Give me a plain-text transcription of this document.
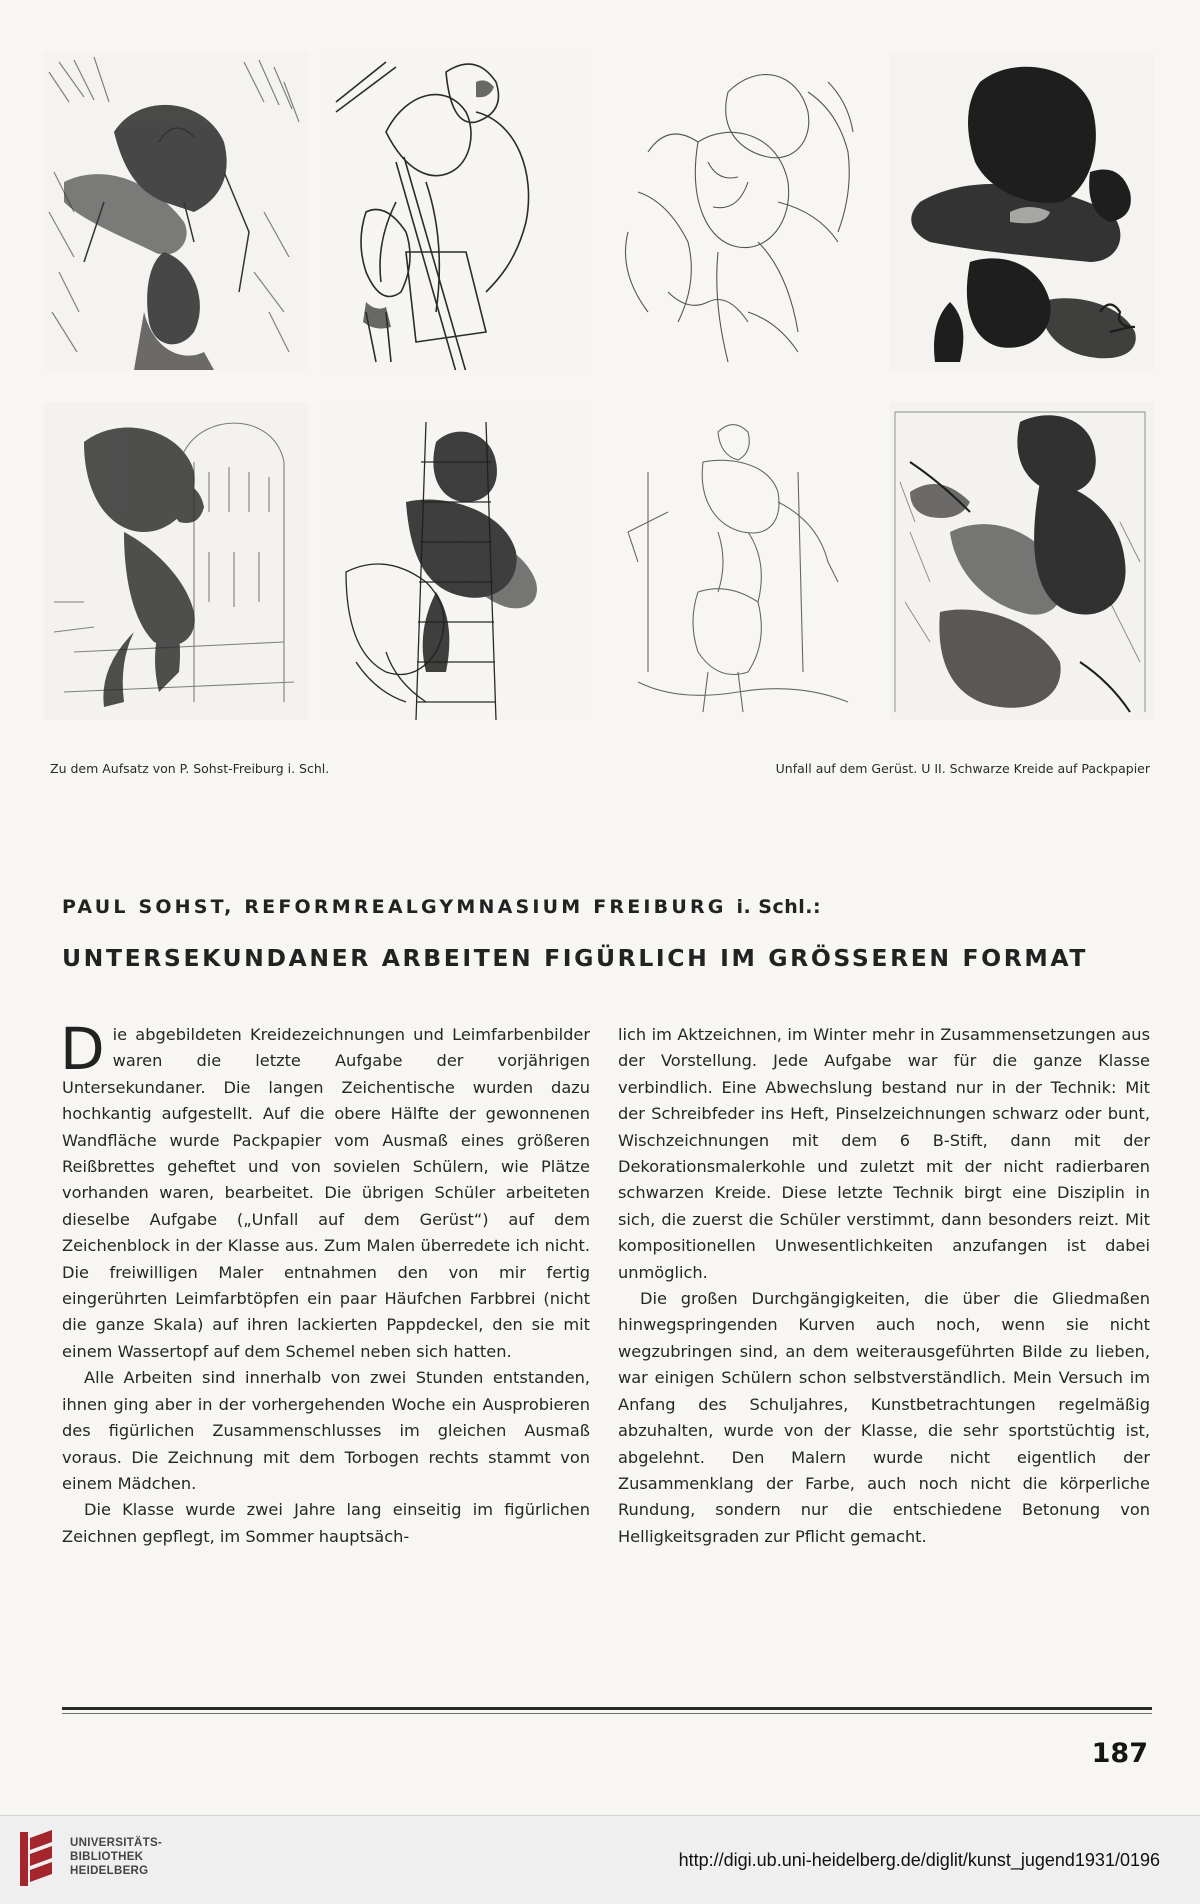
Zu dem Aufsatz von P. Sohst-Freiburg i. Schl.	Unfall auf dem Gerüst. U II. Schwarze Kreide auf Packpapier
PAUL SOHST, REFORMREALGYMNASIUM FREIBURG i. Schl.:
UNTERSEKUNDANER ARBEITEN FIGÜRLICH IM GRÖSSEREN FORMAT

Die abgebildeten Kreidezeichnungen und Leimfarbenbilder waren die letzte Aufgabe der vorjährigen Untersekundaner. Die langen Zeichentische wurden dazu hochkantig aufgestellt. Auf die obere Hälfte der gewonnenen Wandfläche wurde Packpapier vom Ausmaß eines größeren Reißbrettes geheftet und von sovielen Schülern, wie Plätze vorhanden waren, bearbeitet. Die übrigen Schüler arbeiteten dieselbe Aufgabe („Unfall auf dem Gerüst“) auf dem Zeichenblock in der Klasse aus. Zum Malen überredete ich nicht. Die freiwilligen Maler entnahmen den von mir fertig eingerührten Leimfarbtöpfen ein paar Häufchen Farbbrei (nicht die ganze Skala) auf ihren lackierten Pappdeckel, den sie mit einem Wassertopf auf dem Schemel neben sich hatten.

Alle Arbeiten sind innerhalb von zwei Stunden entstanden, ihnen ging aber in der vorhergehenden Woche ein Ausprobieren des figürlichen Zusammenschlusses im gleichen Ausmaß voraus. Die Zeichnung mit dem Torbogen rechts stammt von einem Mädchen.

Die Klasse wurde zwei Jahre lang einseitig im figürlichen Zeichnen gepflegt, im Sommer hauptsäch-

lich im Aktzeichnen, im Winter mehr in Zusammensetzungen aus der Vorstellung. Jede Aufgabe war für die ganze Klasse verbindlich. Eine Abwechslung bestand nur in der Technik: Mit der Schreibfeder ins Heft, Pinselzeichnungen schwarz oder bunt, Wischzeichnungen mit dem 6 B-Stift, dann mit der Dekorationsmalerkohle und zuletzt mit der nicht radierbaren schwarzen Kreide. Diese letzte Technik birgt eine Disziplin in sich, die zuerst die Schüler verstimmt, dann besonders reizt. Mit kompositionellen Unwesentlichkeiten anzufangen ist dabei unmöglich.

Die großen Durchgängigkeiten, die über die Gliedmaßen hinwegspringenden Kurven auch noch, wenn sie nicht wegzubringen sind, an dem weiterausgeführten Bilde zu lieben, war einigen Schülern schon selbstverständlich. Mein Versuch im Anfang des Schuljahres, Kunstbetrachtungen regelmäßig abzuhalten, wurde von der Klasse, die sehr sportstüchtig ist, abgelehnt. Den Malern wurde nicht eigentlich der Zusammenklang der Farbe, auch noch nicht die körperliche Rundung, sondern nur die entschiedene Betonung von Helligkeitsgraden zur Pflicht gemacht.

187
UNIVERSITÄTS-
BIBLIOTHEK
HEIDELBERG
http://digi.ub.uni-heidelberg.de/diglit/kunst_jugend1931/0196
